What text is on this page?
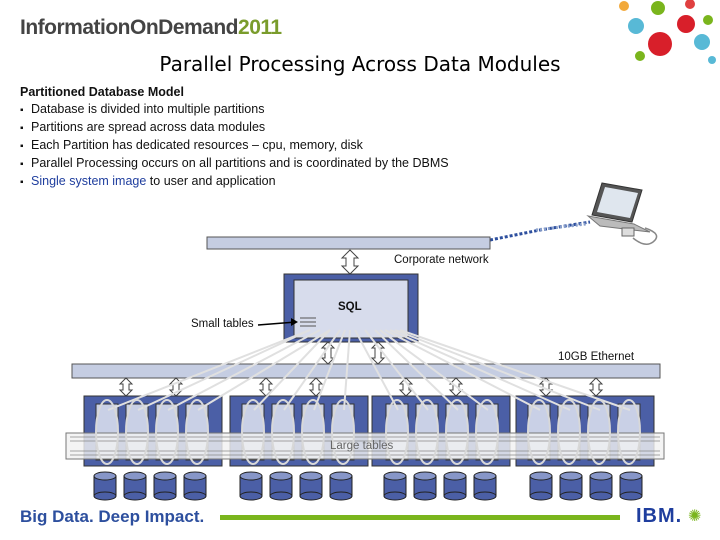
InformationOnDemand2011
Parallel Processing Across Data Modules
Partitioned Database Model
▪ Database is divided into multiple partitions
▪ Partitions are spread across data modules
▪ Each Partition has dedicated resources – cpu, memory, disk
▪ Parallel Processing occurs on all partitions and is coordinated by the DBMS
▪ Single system image to user and application
Corporate network
SQL
Small tables
10GB Ethernet
Large tables
Big Data. Deep Impact.	IBM. ✺
